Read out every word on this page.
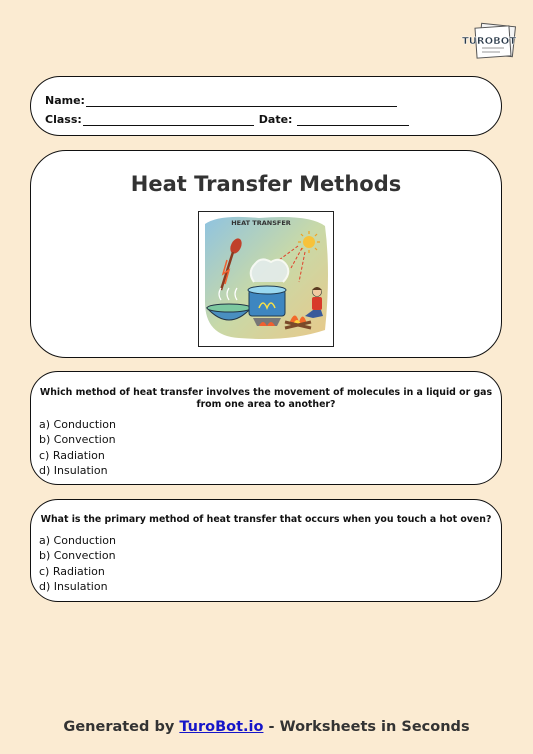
TUROBOT
Name:
Class:	Date:
Heat Transfer Methods
HEAT TRANSFER
Which method of heat transfer involves the movement of molecules in a liquid or gas from one area to another?
a) Conduction
b) Convection
c) Radiation
d) Insulation
What is the primary method of heat transfer that occurs when you touch a hot oven?
a) Conduction
b) Convection
c) Radiation
d) Insulation
Generated by TuroBot.io - Worksheets in Seconds
